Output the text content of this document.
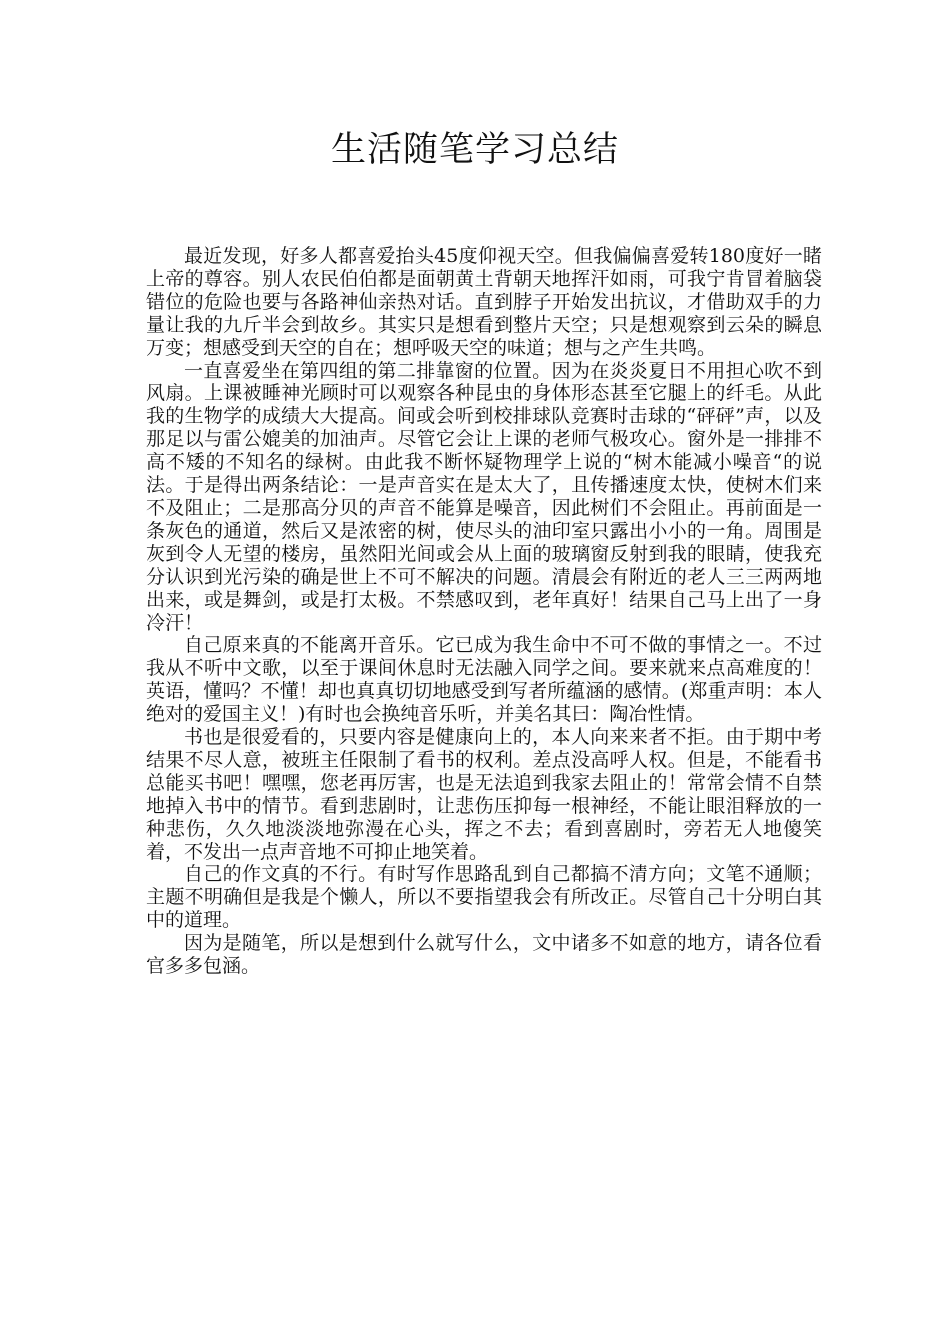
生活随笔学习总结

最近发现，好多人都喜爱抬头45度仰视天空。但我偏偏喜爱转180度好一睹上帝的尊容。别人农民伯伯都是面朝黄土背朝天地挥汗如雨，可我宁肯冒着脑袋错位的危险也要与各路神仙亲热对话。直到脖子开始发出抗议，才借助双手的力量让我的九斤半会到故乡。其实只是想看到整片天空；只是想观察到云朵的瞬息万变；想感受到天空的自在；想呼吸天空的味道；想与之产生共鸣。

一直喜爱坐在第四组的第二排靠窗的位置。因为在炎炎夏日不用担心吹不到风扇。上课被睡神光顾时可以观察各种昆虫的身体形态甚至它腿上的纤毛。从此我的生物学的成绩大大提高。间或会听到校排球队竞赛时击球的“砰砰”声，以及那足以与雷公媲美的加油声。尽管它会让上课的老师气极攻心。窗外是一排排不高不矮的不知名的绿树。由此我不断怀疑物理学上说的“树木能减小噪音“的说法。于是得出两条结论：一是声音实在是太大了，且传播速度太快，使树木们来不及阻止；二是那高分贝的声音不能算是噪音，因此树们不会阻止。再前面是一条灰色的通道，然后又是浓密的树，使尽头的油印室只露出小小的一角。周围是灰到令人无望的楼房，虽然阳光间或会从上面的玻璃窗反射到我的眼睛，使我充分认识到光污染的确是世上不可不解决的问题。清晨会有附近的老人三三两两地出来，或是舞剑，或是打太极。不禁感叹到，老年真好！结果自己马上出了一身冷汗！

自己原来真的不能离开音乐。它已成为我生命中不可不做的事情之一。不过我从不听中文歌，以至于课间休息时无法融入同学之间。要来就来点高难度的！英语，懂吗？不懂！却也真真切切地感受到写者所蕴涵的感情。(郑重声明：本人绝对的爱国主义！)有时也会换纯音乐听，并美名其曰：陶冶性情。

书也是很爱看的，只要内容是健康向上的，本人向来来者不拒。由于期中考结果不尽人意，被班主任限制了看书的权利。差点没高呼人权。但是，不能看书总能买书吧！嘿嘿，您老再厉害，也是无法追到我家去阻止的！常常会情不自禁地掉入书中的情节。看到悲剧时，让悲伤压抑每一根神经，不能让眼泪释放的一种悲伤，久久地淡淡地弥漫在心头，挥之不去；看到喜剧时，旁若无人地傻笑着，不发出一点声音地不可抑止地笑着。

自己的作文真的不行。有时写作思路乱到自己都搞不清方向；文笔不通顺；主题不明确但是我是个懒人，所以不要指望我会有所改正。尽管自己十分明白其中的道理。

因为是随笔，所以是想到什么就写什么，文中诸多不如意的地方，请各位看官多多包涵。
